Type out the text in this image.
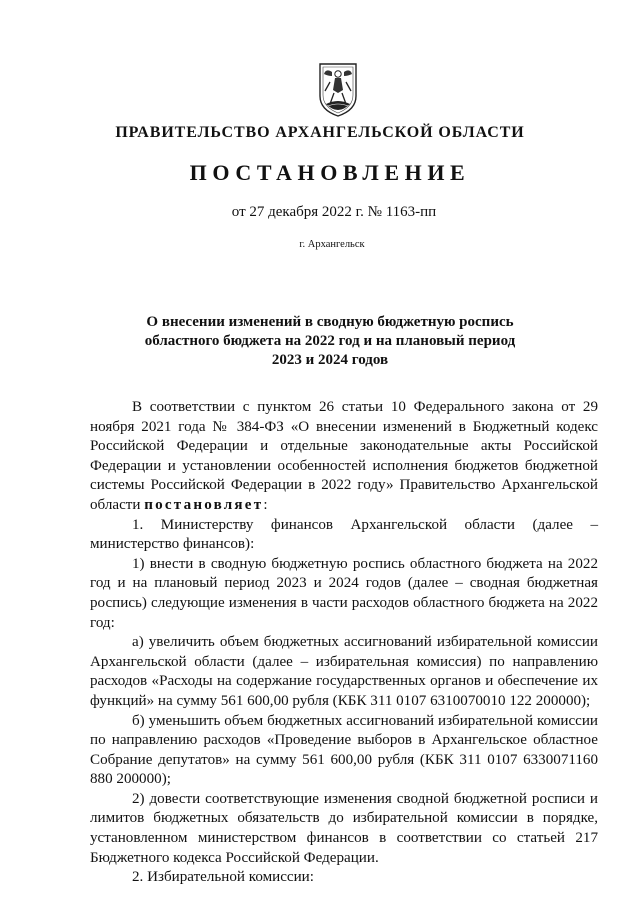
ПРАВИТЕЛЬСТВО АРХАНГЕЛЬСКОЙ ОБЛАСТИ
ПОСТАНОВЛЕНИЕ
от 27 декабря 2022 г. № 1163-пп
г. Архангельск
О внесении изменений в сводную бюджетную роспись
областного бюджета на 2022 год и на плановый период
2023 и 2024 годов

В соответствии с пунктом 26 статьи 10 Федерального закона от 29 ноября 2021 года № 384-ФЗ «О внесении изменений в Бюджетный кодекс Российской Федерации и отдельные законодательные акты Российской Федерации и установлении особенностей исполнения бюджетов бюджетной системы Российской Федерации в 2022 году» Правительство Архангельской области постановляет:

1. Министерству финансов Архангельской области (далее – министерство финансов):

1) внести в сводную бюджетную роспись областного бюджета на 2022 год и на плановый период 2023 и 2024 годов (далее – сводная бюджетная роспись) следующие изменения в части расходов областного бюджета на 2022 год:

а) увеличить объем бюджетных ассигнований избирательной комиссии Архангельской области (далее – избирательная комиссия) по направлению расходов «Расходы на содержание государственных органов и обеспечение их функций» на сумму 561 600,00 рубля (КБК 311 0107 6310070010 122 200000);

б) уменьшить объем бюджетных ассигнований избирательной комиссии по направлению расходов «Проведение выборов в Архангельское областное Собрание депутатов» на сумму 561 600,00 рубля (КБК 311 0107 6330071160 880 200000);

2) довести соответствующие изменения сводной бюджетной росписи и лимитов бюджетных обязательств до избирательной комиссии в порядке, установленном министерством финансов в соответствии со статьей 217 Бюджетного кодекса Российской Федерации.

2. Избирательной комиссии:
